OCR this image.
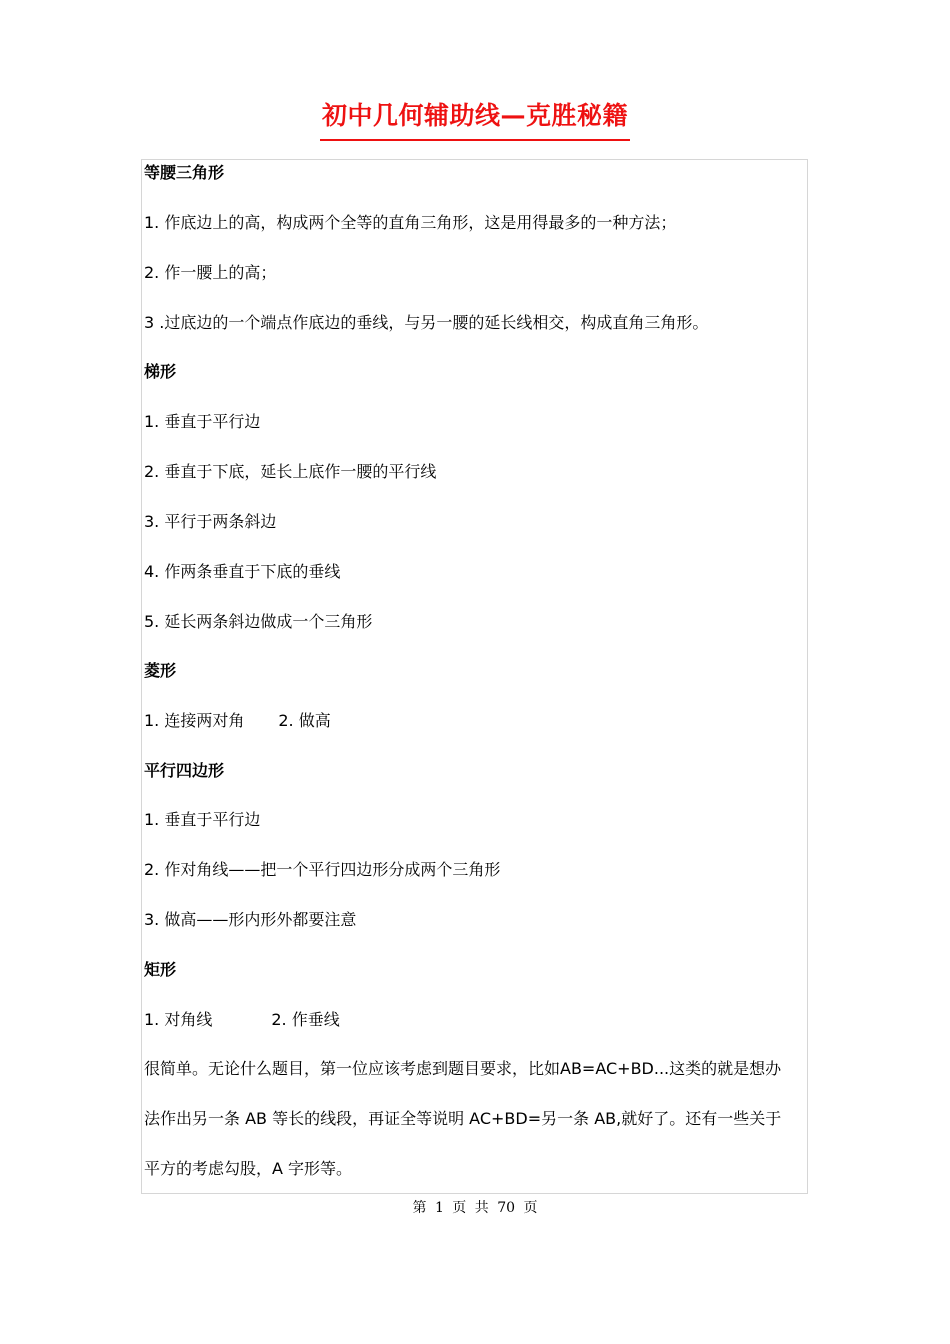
初中几何辅助线—克胜秘籍
等腰三角形
1. 作底边上的高，构成两个全等的直角三角形，这是用得最多的一种方法；
2. 作一腰上的高；
3 .过底边的一个端点作底边的垂线，与另一腰的延长线相交，构成直角三角形。
梯形
1. 垂直于平行边
2. 垂直于下底，延长上底作一腰的平行线
3. 平行于两条斜边
4. 作两条垂直于下底的垂线
5. 延长两条斜边做成一个三角形
菱形
1. 连接两对角 2. 做高
平行四边形
1. 垂直于平行边
2. 作对角线——把一个平行四边形分成两个三角形
3. 做高——形内形外都要注意
矩形
1. 对角线	2. 作垂线
很简单。无论什么题目，第一位应该考虑到题目要求，比如AB=AC+BD...这类的就是想办
法作出另一条 AB 等长的线段，再证全等说明 AC+BD=另一条 AB,就好了。还有一些关于
平方的考虑勾股，A 字形等。
第 1 页 共 70 页
